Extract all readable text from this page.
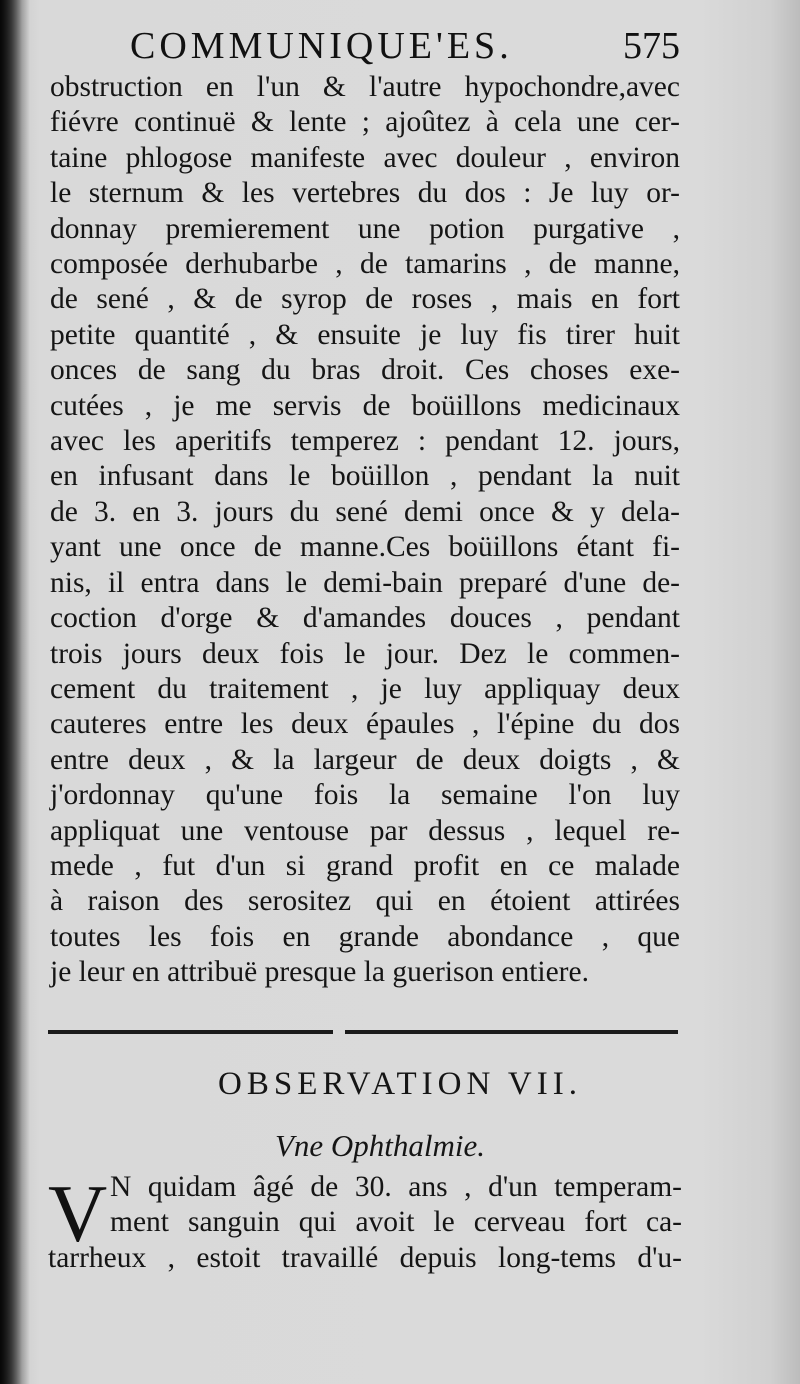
COMMUNIQUE'ES.	575
obstruction en l'un & l'autre hypochondre,avec
fiévre continuë & lente ; ajoûtez à cela une cer-
taine phlogose manifeste avec douleur , environ
le sternum & les vertebres du dos : Je luy or-
donnay premierement une potion purgative ,
composée derhubarbe , de tamarins , de manne,
de sené , & de syrop de roses , mais en fort
petite quantité , & ensuite je luy fis tirer huit
onces de sang du bras droit. Ces choses exe-
cutées , je me servis de boüillons medicinaux
avec les aperitifs temperez : pendant 12. jours,
en infusant dans le boüillon , pendant la nuit
de 3. en 3. jours du sené demi once & y dela-
yant une once de manne.Ces boüillons étant fi-
nis, il entra dans le demi-bain preparé d'une de-
coction d'orge & d'amandes douces , pendant
trois jours deux fois le jour. Dez le commen-
cement du traitement , je luy appliquay deux
cauteres entre les deux épaules , l'épine du dos
entre deux , & la largeur de deux doigts , &
j'ordonnay qu'une fois la semaine l'on luy
appliquat une ventouse par dessus , lequel re-
mede , fut d'un si grand profit en ce malade
à raison des serositez qui en étoient attirées
toutes les fois en grande abondance , que
je leur en attribuë presque la guerison entiere.
OBSERVATION VII.
Vne Ophthalmie.
V N quidam âgé de 30. ans , d'un temperam-
ment sanguin qui avoit le cerveau fort ca-
tarrheux , estoit travaillé depuis long-tems d'u-
